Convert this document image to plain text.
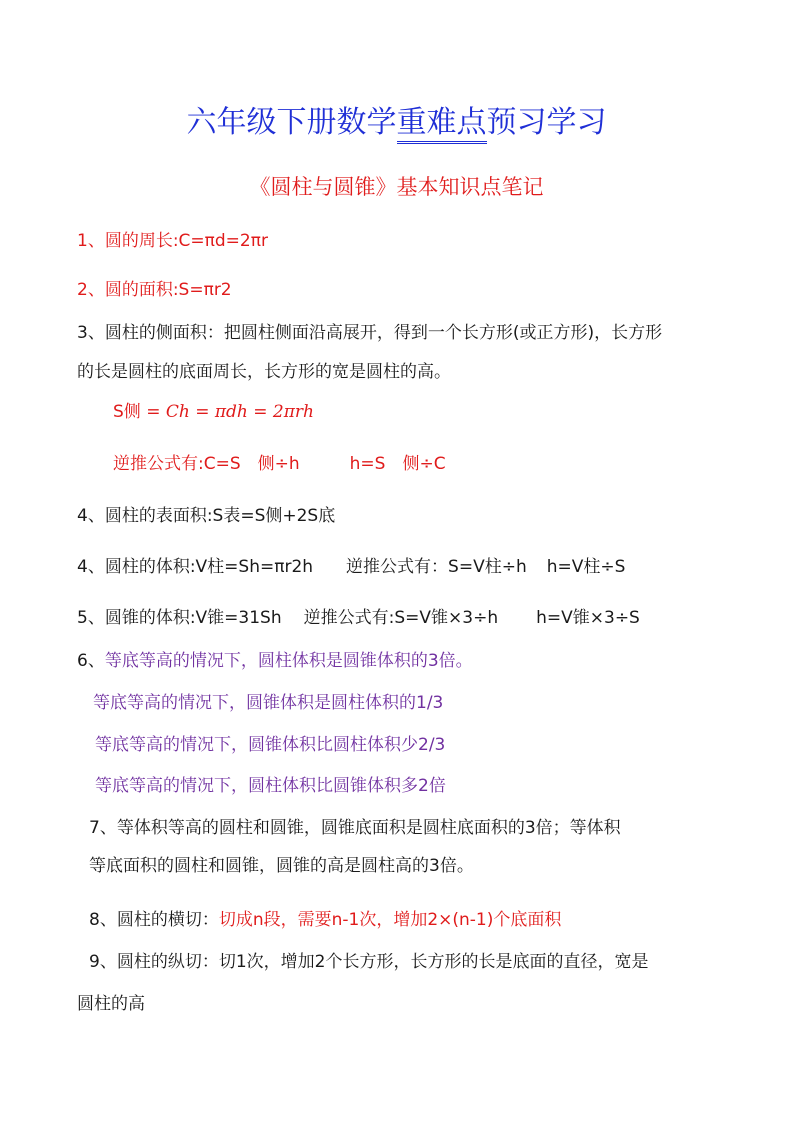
六年级下册数学重难点预习学习
《圆柱与圆锥》基本知识点笔记
1、圆的周长:C=πd=2πr
2、圆的面积:S=πr2
3、圆柱的侧面积：把圆柱侧面沿高展开，得到一个长方形(或正方形)，长方形
的长是圆柱的底面周长，长方形的宽是圆柱的高。
S侧 = 𝐶ℎ = 𝜋𝑑ℎ = 2𝜋𝑟ℎ
逆推公式有:C=S　侧÷h	h=S　侧÷C
4、圆柱的表面积:S表=S侧+2S底
4、圆柱的体积:V柱=Sh=πr2h 逆推公式有：S=V柱÷h h=V柱÷S
5、圆锥的体积:V锥=31Sh 逆推公式有:S=V锥×3÷h h=V锥×3÷S
6、等底等高的情况下，圆柱体积是圆锥体积的3倍。
等底等高的情况下，圆锥体积是圆柱体积的1/3
等底等高的情况下，圆锥体积比圆柱体积少2/3
等底等高的情况下，圆柱体积比圆锥体积多2倍
7、等体积等高的圆柱和圆锥，圆锥底面积是圆柱底面积的3倍；等体积
等底面积的圆柱和圆锥，圆锥的高是圆柱高的3倍。
8、圆柱的横切：切成n段，需要n-1次，增加2×(n-1)个底面积
9、圆柱的纵切：切1次，增加2个长方形，长方形的长是底面的直径，宽是
圆柱的高
